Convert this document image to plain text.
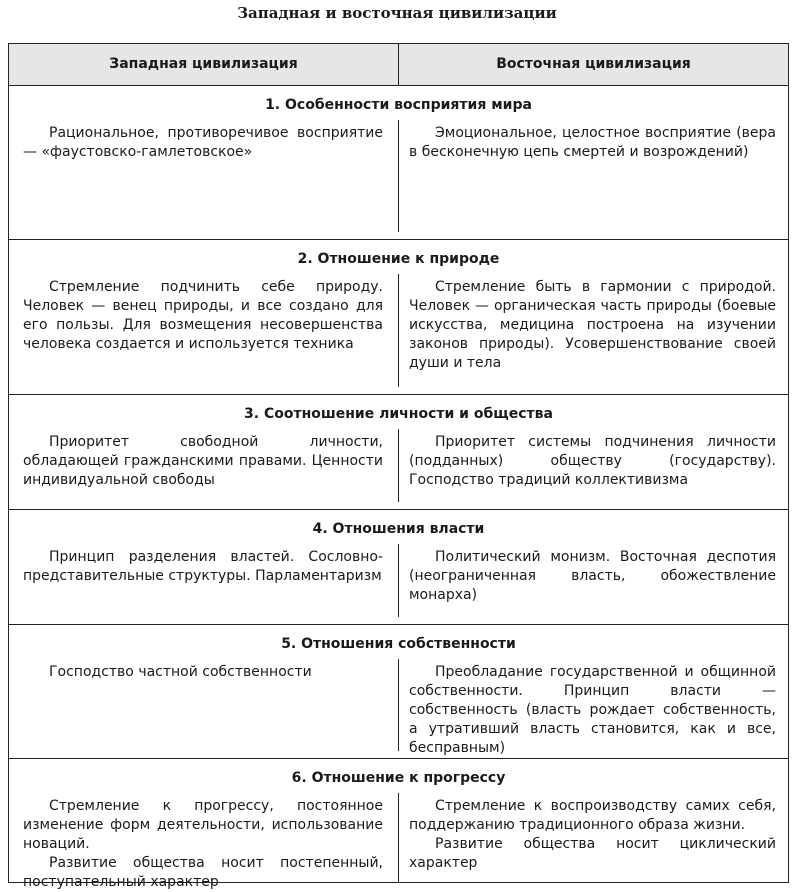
Западная и восточная цивилизации
Западная цивилизация	Восточная цивилизация
1. Особенности восприятия мира

Рациональное, противоречивое восприятие — «фаустовско-гамлетовское»

Эмоциональное, целостное восприятие (вера в бесконечную цепь смертей и возрождений)

2. Отношение к природе

Стремление подчинить себе природу. Человек — венец природы, и все создано для его пользы. Для возмещения несовершенства человека создается и используется техника

Стремление быть в гармонии с природой. Человек — органическая часть природы (боевые искусства, медицина построена на изучении законов природы). Усовершенствование своей души и тела

3. Соотношение личности и общества

Приоритет свободной личности, обладающей гражданскими правами. Ценности индивидуальной свободы

Приоритет системы подчинения личности (подданных) обществу (государству). Господство традиций коллективизма

4. Отношения власти

Принцип разделения властей. Сословно-представительные структуры. Парламентаризм

Политический монизм. Восточная деспотия (неограниченная власть, обожествление монарха)

5. Отношения собственности

Господство частной собственности	Преобладание государственной и общинной собственности. Принцип власти — собственность (власть рождает собственность, а утративший власть становится, как и все, бесправным)

6. Отношение к прогрессу

Стремление к прогрессу, постоянное изменение форм деятельности, использование новаций.

Развитие общества носит постепенный, поступательный характер

Стремление к воспроизводству самих себя, поддержанию традиционного образа жизни.

Развитие общества носит циклический характер
